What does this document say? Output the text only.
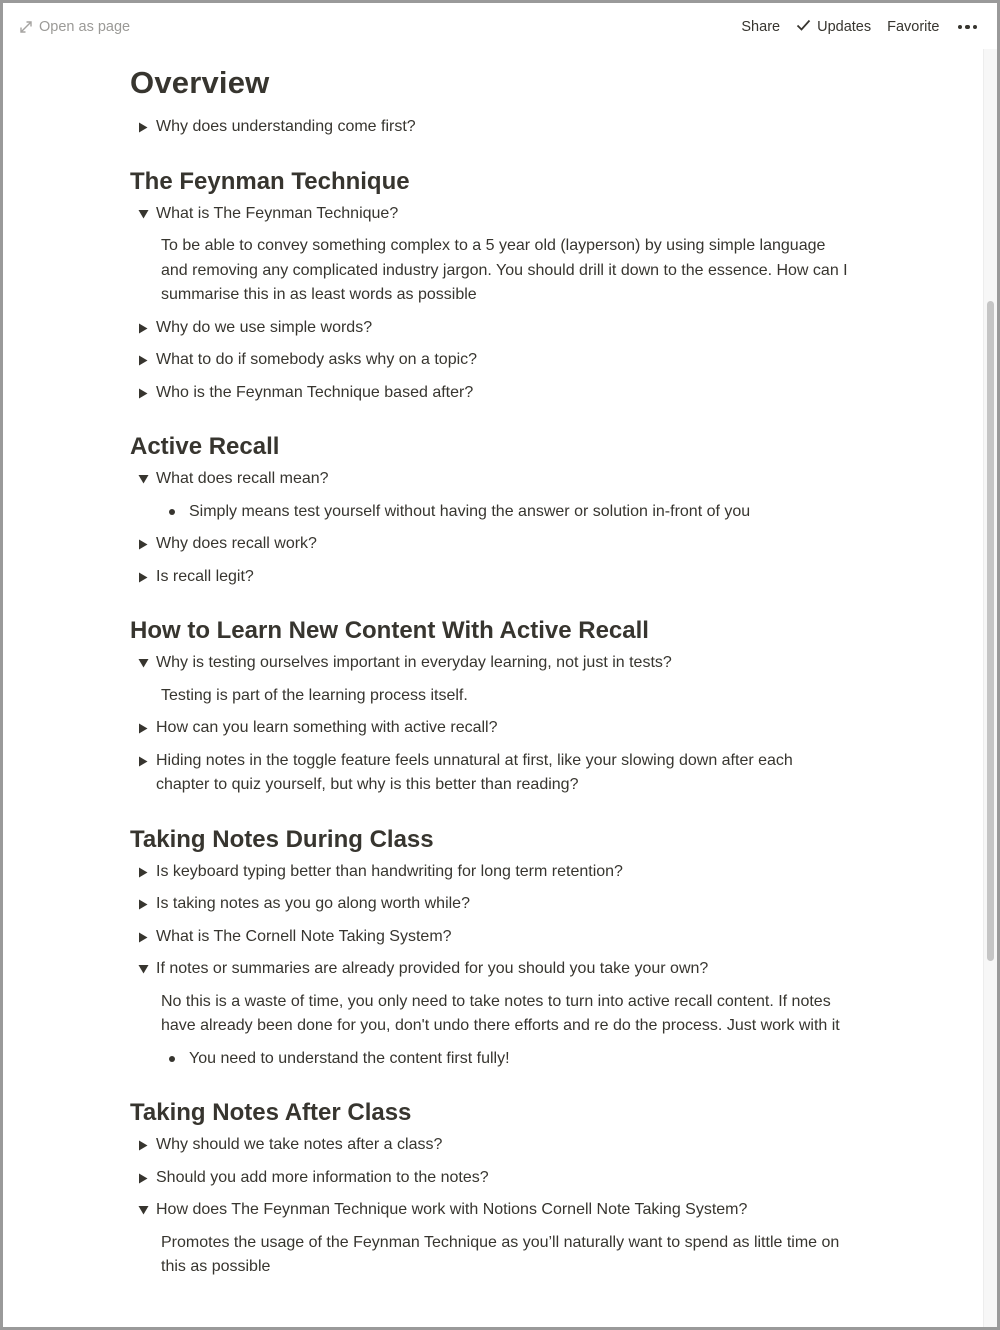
Open as page	Share	Updates Favorite
Overview
Why does understanding come first?
The Feynman Technique
What is The Feynman Technique?
To be able to convey something complex to a 5 year old (layperson) by using simple language and removing any complicated industry jargon. You should drill it down to the essence. How can I summarise this in as least words as possible
Why do we use simple words?
What to do if somebody asks why on a topic?
Who is the Feynman Technique based after?
Active Recall
What does recall mean?
Simply means test yourself without having the answer or solution in-front of you
Why does recall work?
Is recall legit?
How to Learn New Content With Active Recall
Why is testing ourselves important in everyday learning, not just in tests?
Testing is part of the learning process itself.
How can you learn something with active recall?
Hiding notes in the toggle feature feels unnatural at first, like your slowing down after each chapter to quiz yourself, but why is this better than reading?
Taking Notes During Class
Is keyboard typing better than handwriting for long term retention?
Is taking notes as you go along worth while?
What is The Cornell Note Taking System?
If notes or summaries are already provided for you should you take your own?
No this is a waste of time, you only need to take notes to turn into active recall content. If notes have already been done for you, don't undo there efforts and re do the process. Just work with it
You need to understand the content first fully!
Taking Notes After Class
Why should we take notes after a class?
Should you add more information to the notes?
How does The Feynman Technique work with Notions Cornell Note Taking System?
Promotes the usage of the Feynman Technique as you’ll naturally want to spend as little time on this as possible
